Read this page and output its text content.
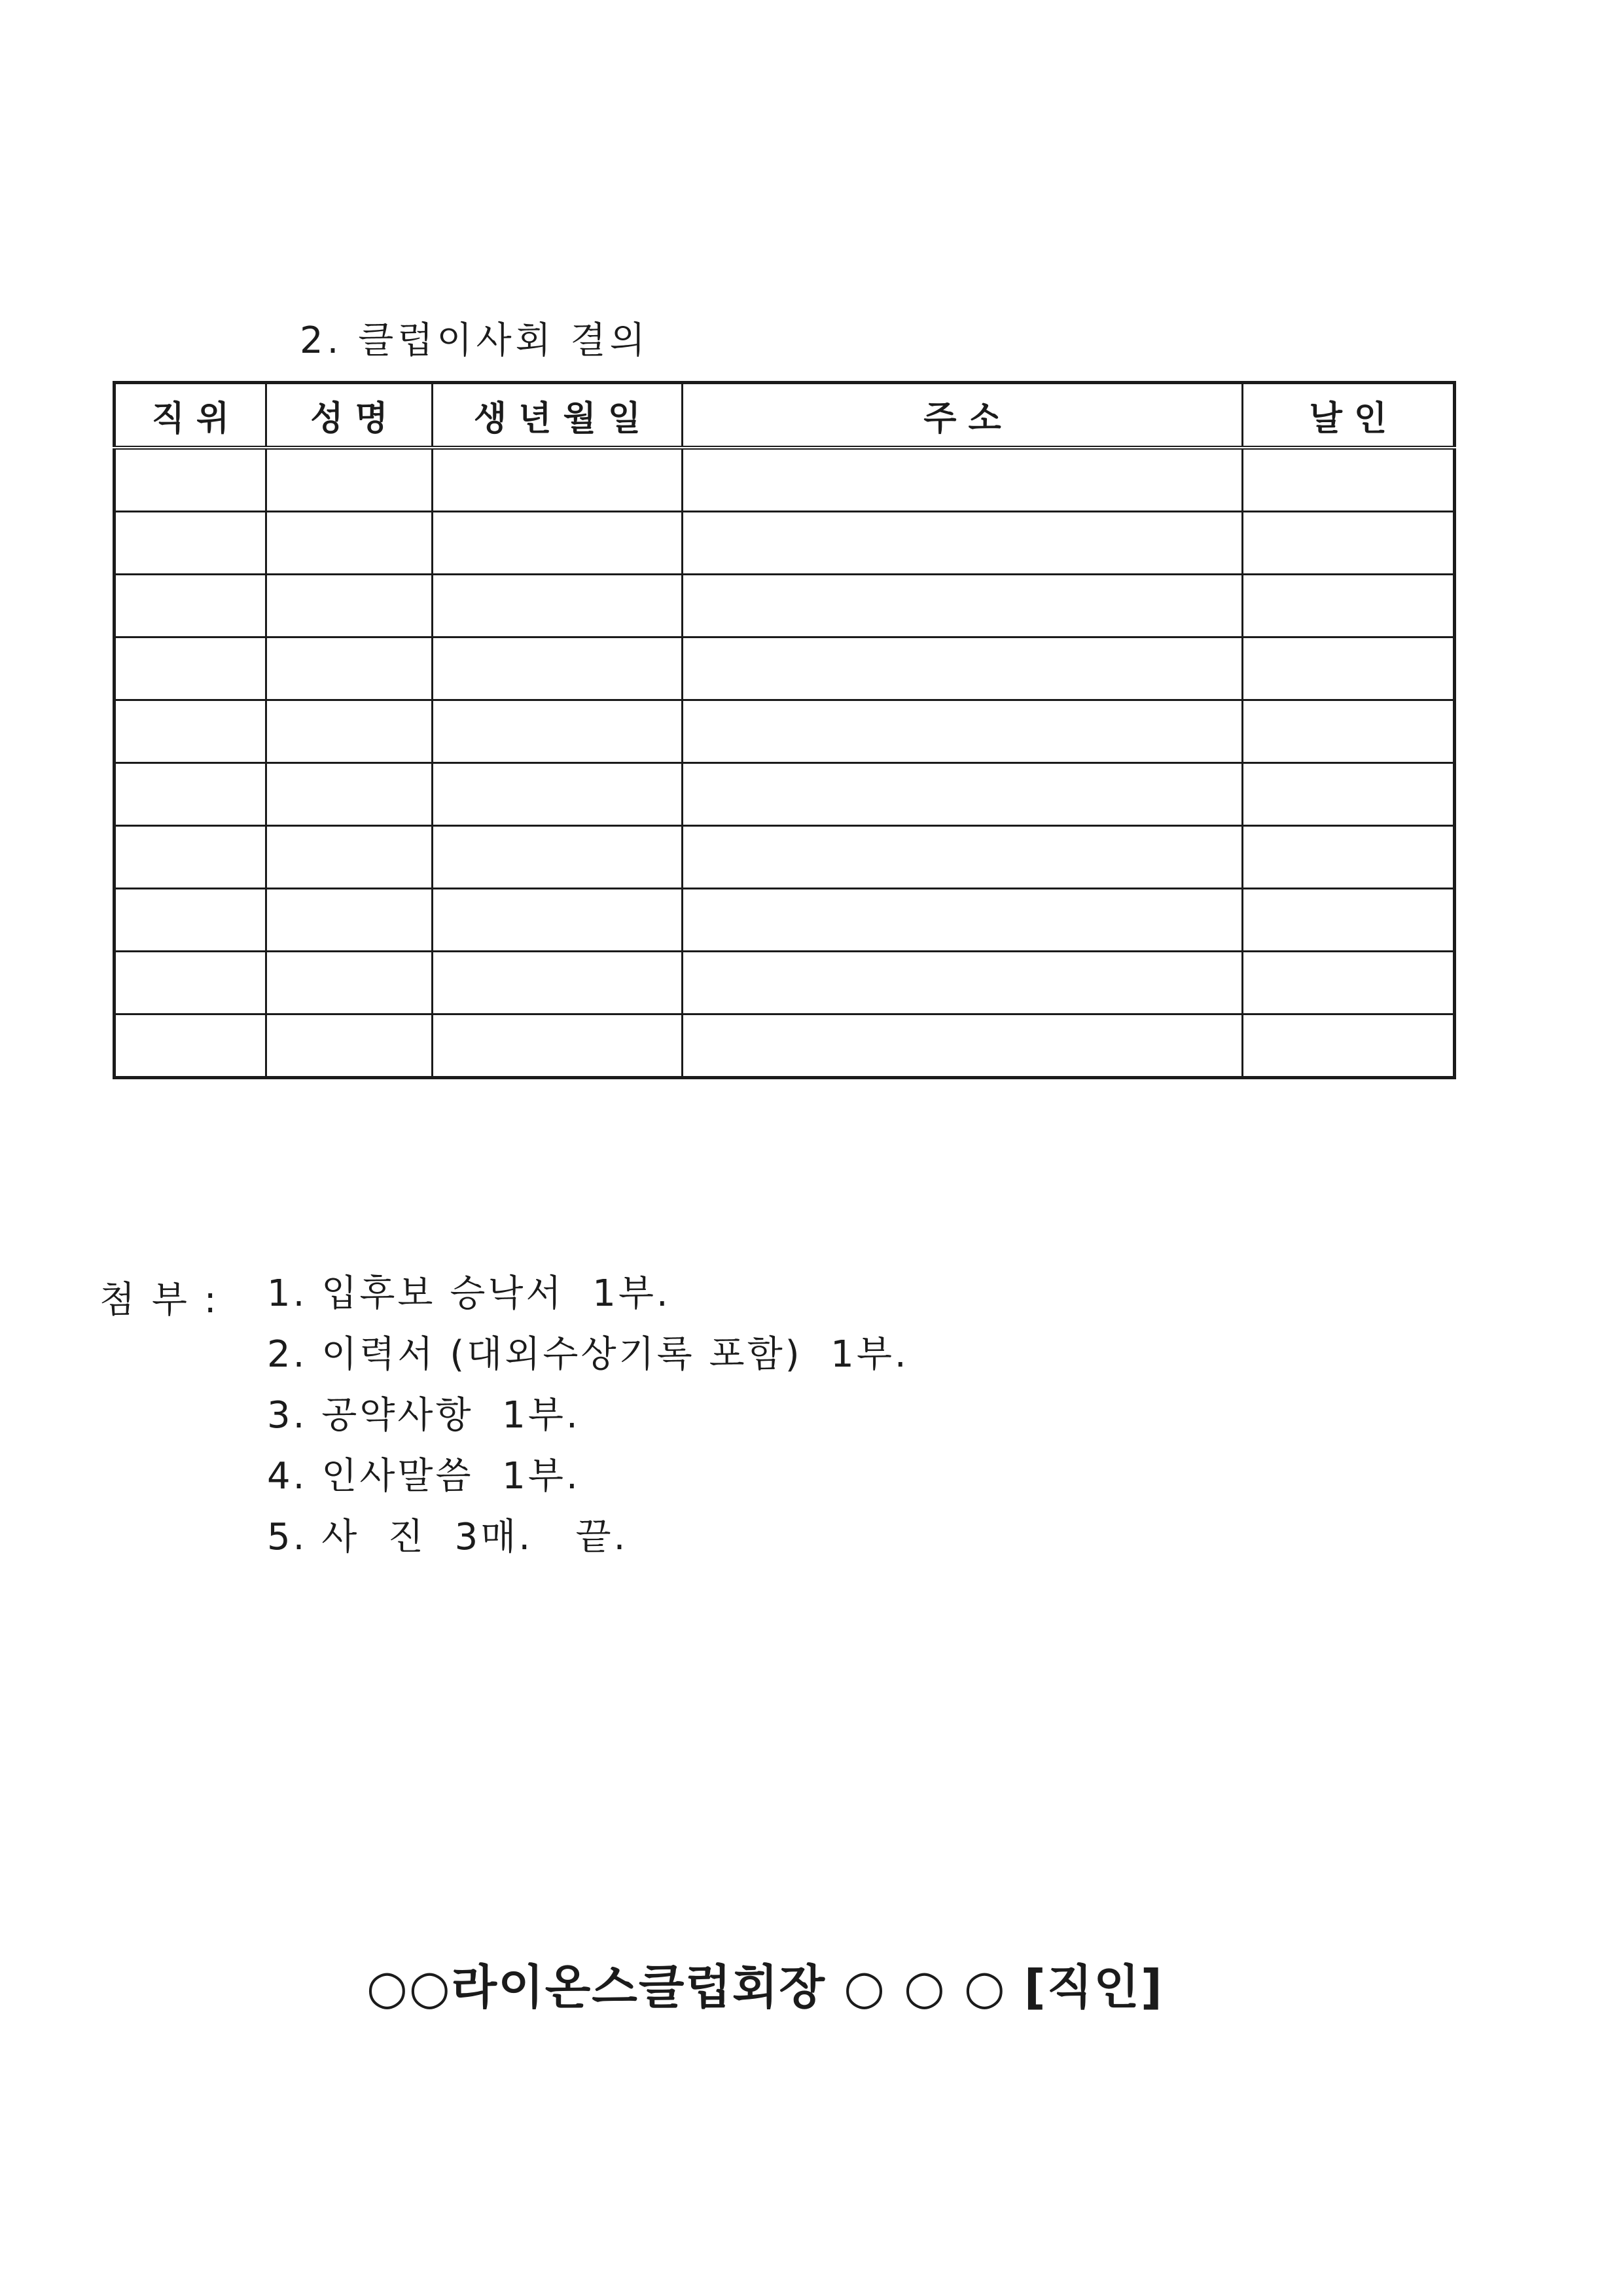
2. 클럽이사회 결의
직 위	성 명	생 년 월 일	주 소	날 인

첨 부 : 1. 입후보 승낙서  1부.
2. 이력서 (대외수상기록 포함)  1부.
3. 공약사항  1부.
4. 인사말씀  1부.
5. 사  진  3매.   끝.
○○라이온스클럽회장 ○ ○ ○ [직인]
